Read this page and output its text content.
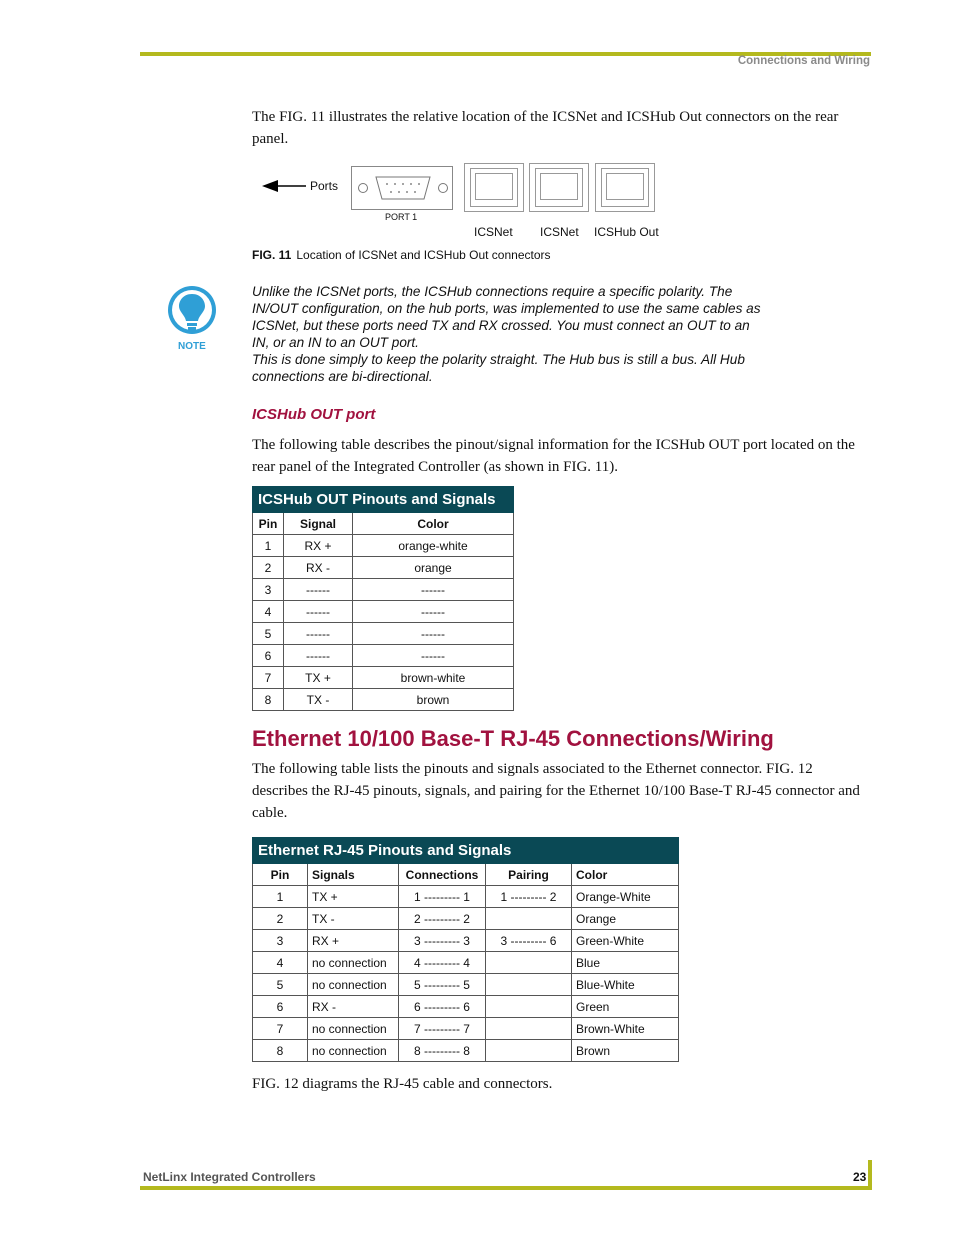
Connections and Wiring
The FIG. 11 illustrates the relative location of the ICSNet and ICSHub Out connectors on the rear panel.
Ports
PORT 1
ICSNet ICSNet ICSHub Out
FIG. 11 Location of ICSNet and ICSHub Out connectors
NOTE
Unlike the ICSNet ports, the ICSHub connections require a specific polarity. The
IN/OUT configuration, on the hub ports, was implemented to use the same cables as
ICSNet, but these ports need TX and RX crossed. You must connect an OUT to an
IN, or an IN to an OUT port.
This is done simply to keep the polarity straight. The Hub bus is still a bus. All Hub
connections are bi-directional.
ICSHub OUT port
The following table describes the pinout/signal information for the ICSHub OUT port located on the rear panel of the Integrated Controller (as shown in FIG. 11).
ICSHub OUT Pinouts and Signals		
Pin	Signal	Color
1	RX +	orange-white
2	RX -	orange
3	------	------
4	------	------
5	------	------
6	------	------
7	TX +	brown-white
8	TX -	brown
Ethernet 10/100 Base-T RJ-45 Connections/Wiring
The following table lists the pinouts and signals associated to the Ethernet connector. FIG. 12 describes the RJ-45 pinouts, signals, and pairing for the Ethernet 10/100 Base-T RJ-45 connector and cable.
Ethernet RJ-45 Pinouts and Signals				
Pin	Signals	Connections	Pairing	Color
1	TX +	1 --------- 1	1 --------- 2	Orange-White
2	TX -	2 --------- 2		Orange
3	RX +	3 --------- 3	3 --------- 6	Green-White
4	no connection	4 --------- 4		Blue
5	no connection	5 --------- 5		Blue-White
6	RX -	6 --------- 6		Green
7	no connection	7 --------- 7		Brown-White
8	no connection	8 --------- 8		Brown
FIG. 12 diagrams the RJ-45 cable and connectors.
NetLinx Integrated Controllers	23
